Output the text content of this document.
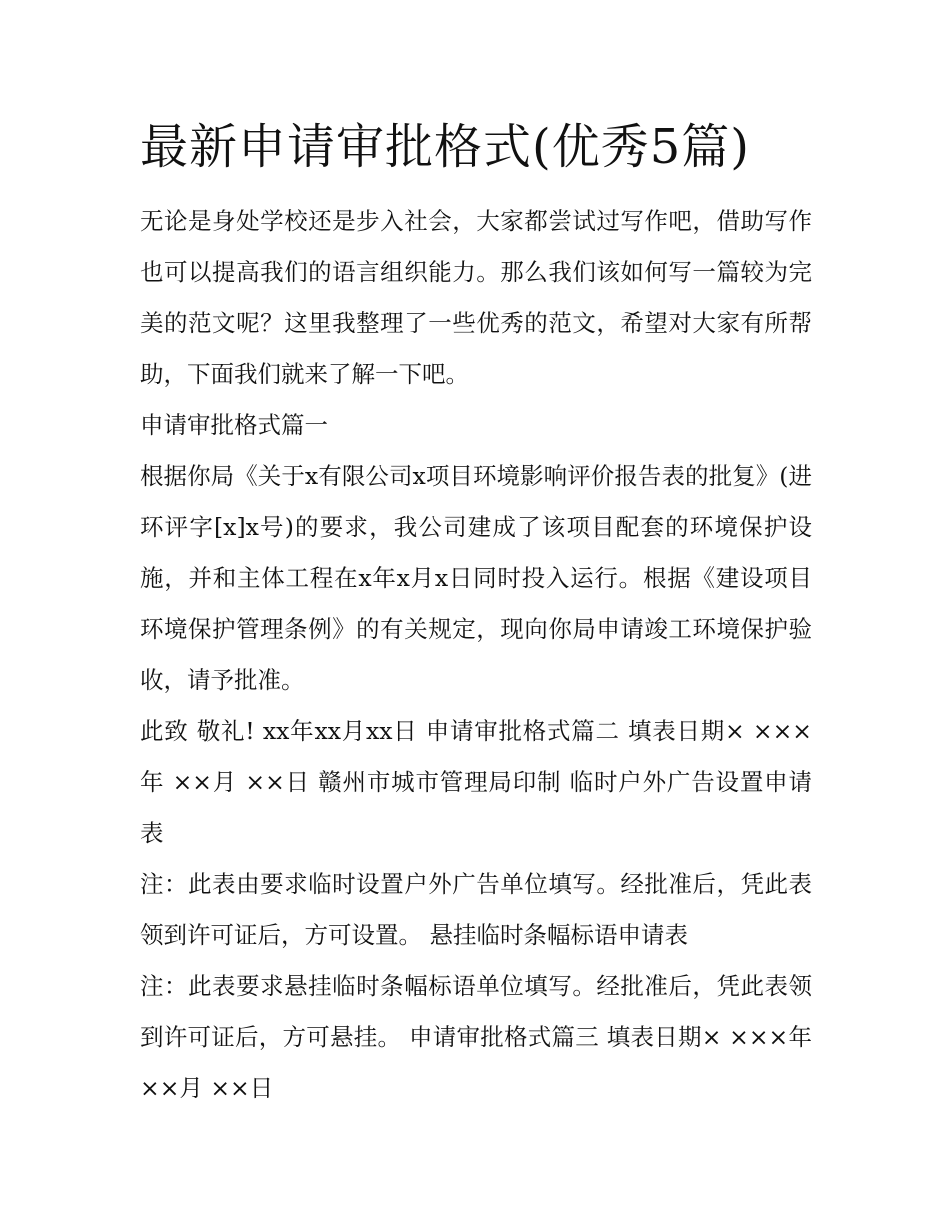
最新申请审批格式(优秀5篇)

无论是身处学校还是步入社会，大家都尝试过写作吧，借助写作也可以提高我们的语言组织能力。那么我们该如何写一篇较为完美的范文呢？这里我整理了一些优秀的范文，希望对大家有所帮助，下面我们就来了解一下吧。

申请审批格式篇一

根据你局《关于x有限公司x项目环境影响评价报告表的批复》(进环评字[x]x号)的要求，我公司建成了该项目配套的环境保护设施，并和主体工程在x年x月x日同时投入运行。根据《建设项目环境保护管理条例》的有关规定，现向你局申请竣工环境保护验收，请予批准。

此致 敬礼! xx年xx月xx日 申请审批格式篇二 填表日期× ×××年 ××月 ××日 赣州市城市管理局印制 临时户外广告设置申请表

注：此表由要求临时设置户外广告单位填写。经批准后，凭此表领到许可证后，方可设置。 悬挂临时条幅标语申请表

注：此表要求悬挂临时条幅标语单位填写。经批准后，凭此表领到许可证后，方可悬挂。 申请审批格式篇三 填表日期× ×××年 ××月 ××日
